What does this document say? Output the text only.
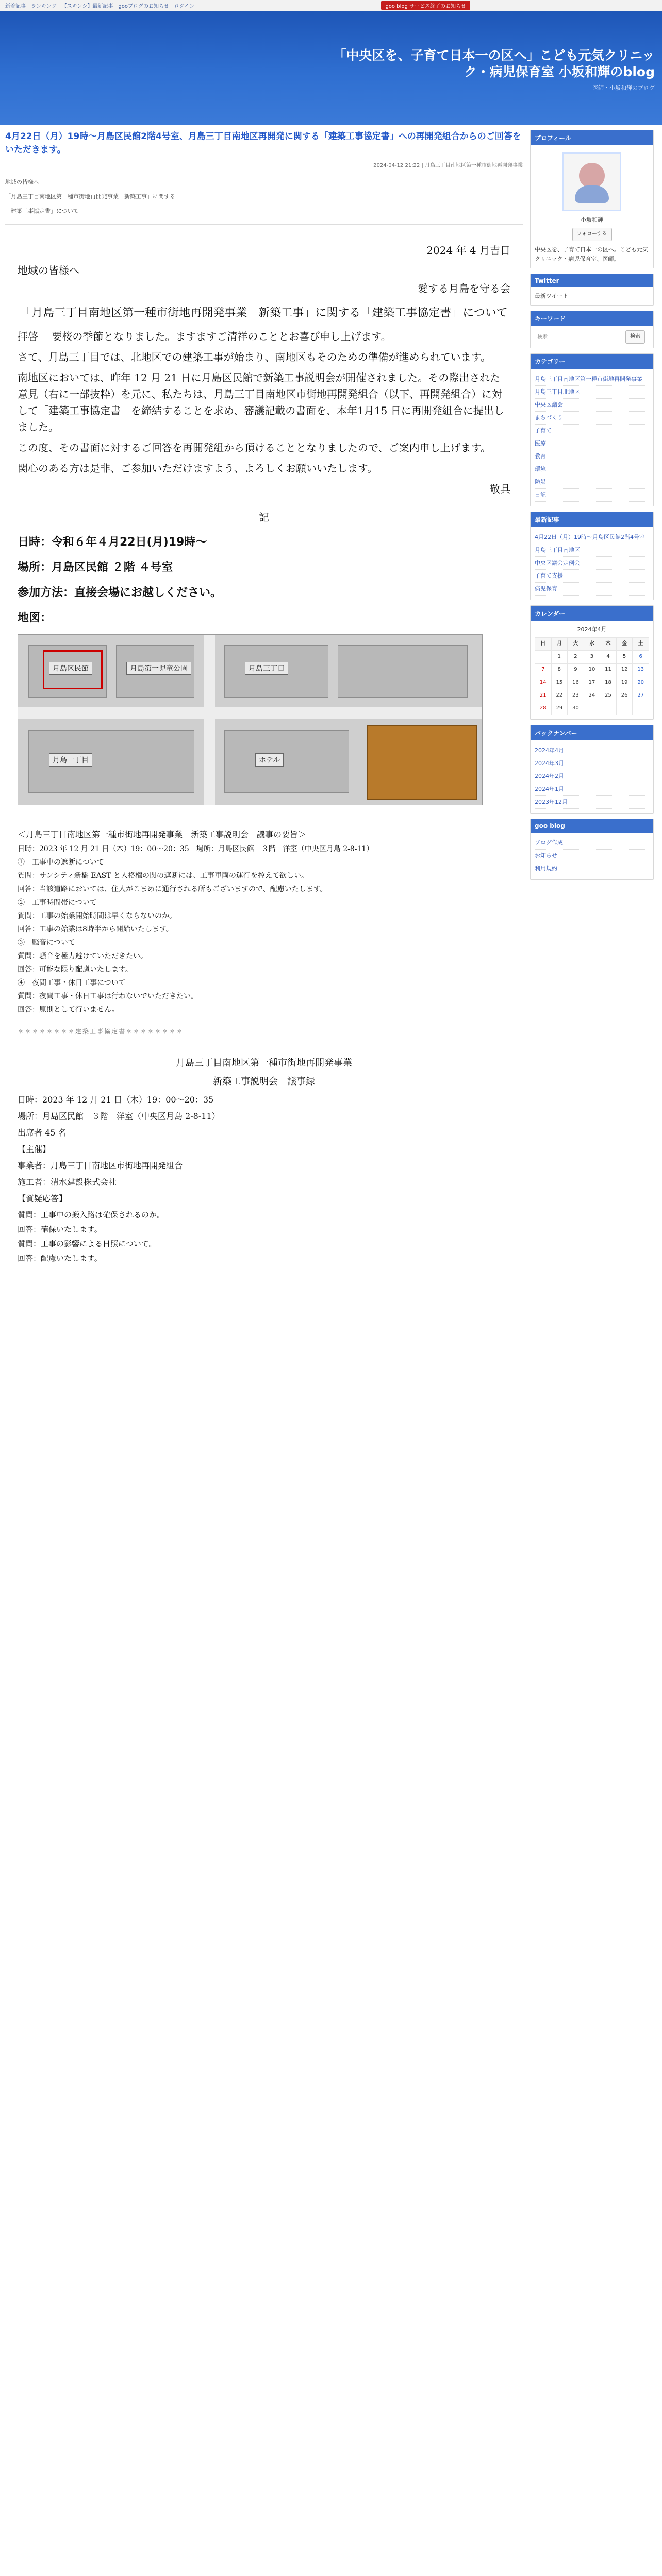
新着記事 ランキング 【スキンシ】最新記事 gooブログのお知らせ ログイン	goo blog サービス終了のお知らせ
「中央区を、子育て日本一の区へ」こども元気クリニック・病児保育室 小坂和輝のblog
医師・小坂和輝のブログ
4月22日（月）19時〜月島区民館2階4号室、月島三丁目南地区再開発に関する「建築工事協定書」への再開発組合からのご回答をいただきます。
2024-04-12 21:22 | 月島三丁目南地区第一種市街地再開発事業
地域の皆様へ
「月島三丁目南地区第一種市街地再開発事業　新築工事」に関する
「建築工事協定書」について
2024 年 4 月吉日
地域の皆様へ
愛する月島を守る会
「月島三丁目南地区第一種市街地再開発事業　新築工事」に関する「建築工事協定書」について

拝啓　 要桜の季節となりました。ますますご清祥のこととお喜び申し上げます。

さて、月島三丁目では、北地区での建築工事が始まり、南地区もそのための準備が進められています。

南地区においては、昨年 12 月 21 日に月島区民館で新築工事説明会が開催されました。その際出された意見（右に一部抜粋）を元に、私たちは、月島三丁目南地区市街地再開発組合（以下、再開発組合）に対して「建築工事協定書」を締結することを求め、審議記載の書面を、本年1月15 日に再開発組合に提出しました。

この度、その書面に対するご回答を再開発組から頂けることとなりましたので、ご案内申し上げます。

関心のある方は是非、ご参加いただけますよう、よろしくお願いいたします。

敬具
記
日時：令和６年４月22日(月)19時〜
場所：月島区民館 ２階 ４号室
参加方法：直接会場にお越しください。
地図：
月島区民館	月島第一児童公園	月島三丁目
ホテル
月島一丁目
＜月島三丁目南地区第一種市街地再開発事業　新築工事説明会　議事の要旨＞
日時：2023 年 12 月 21 日（木）19：00〜20：35　場所：月島区民館　３階　洋室（中央区月島 2-8-11）
①　工事中の遮断について
質問：サンシティ新橋 EAST と人格権の関の遮断には、工事車両の運行を控えて欲しい。
回答：当該道路においては、住人がこまめに通行される所もございますので、配慮いたします。
②　工事時間帯について
質問：工事の始業開始時間は早くならないのか。
回答：工事の始業は8時半から開始いたします。
③　騒音について
質問：騒音を極力避けていただきたい。
回答：可能な限り配慮いたします。
④　夜間工事・休日工事について
質問：夜間工事・休日工事は行わないでいただきたい。
回答：原則として行いません。
＊＊＊＊＊＊＊＊建築工事協定書＊＊＊＊＊＊＊＊
月島三丁目南地区第一種市街地再開発事業
新築工事説明会　議事録
日時：2023 年 12 月 21 日（木）19：00〜20：35
場所：月島区民館　３階　洋室（中央区月島 2-8-11）
出席者 45 名
【主催】
事業者：月島三丁目南地区市街地再開発組合
施工者：清水建設株式会社
【質疑応答】
質問：工事中の搬入路は確保されるのか。
回答：確保いたします。
質問：工事の影響による日照について。
回答：配慮いたします。
プロフィール
小坂和輝
フォローする
中央区を、子育て日本一の区へ。こども元気クリニック・病児保育室、医師。
Twitter
最新ツイート
キーワード
検索
検索
カテゴリー
月島三丁目南地区第一種市街地再開発事業
月島三丁目北地区
中央区議会
まちづくり
子育て
医療
教育
環境
防災
日記
最新記事
4月22日（月）19時〜月島区民館2階4号室
月島三丁目南地区
中央区議会定例会
子育て支援
病児保育
カレンダー
2024年4月
日	月	火	水	木	金	土
	1	2	3	4	5	6
7	8	9	10	11	12	13
14	15	16	17	18	19	20
21	22	23	24	25	26	27
28	29	30				
バックナンバー
2024年4月
2024年3月
2024年2月
2024年1月
2023年12月
goo blog
ブログ作成
お知らせ
利用規約
